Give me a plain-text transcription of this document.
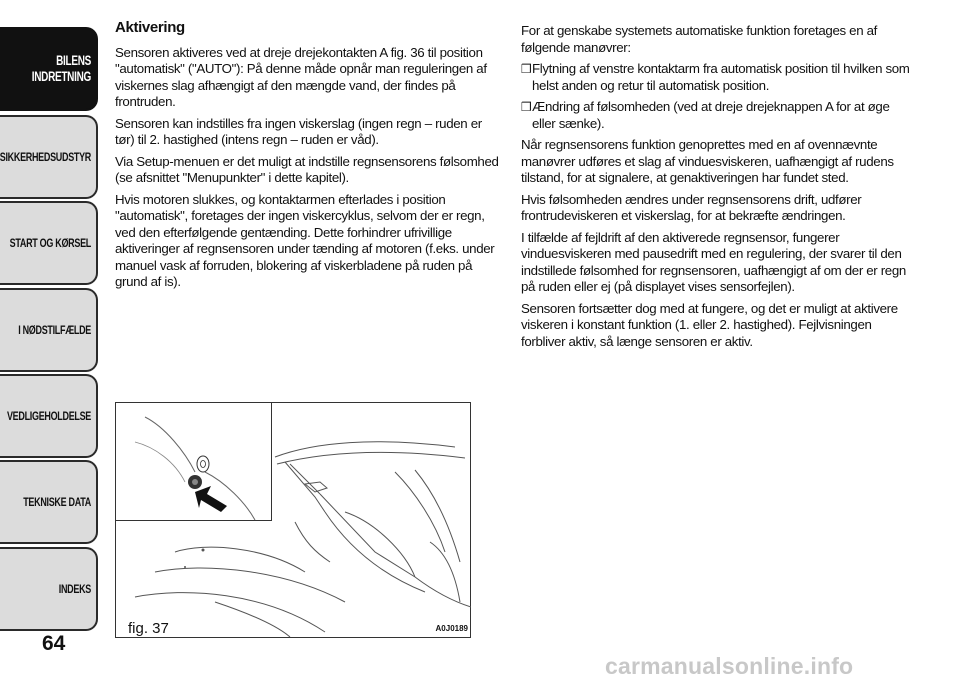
BILENS
INDRETNING
SIKKERHEDSUDSTYR
START OG KØRSEL
I NØDSTILFÆLDE
VEDLIGEHOLDELSE
TEKNISKE DATA
INDEKS
64

Aktivering

Sensoren aktiveres ved at dreje drejekontakten A fig. 36 til position "automatisk" ("AUTO"): På denne måde opnår man reguleringen af viskernes slag afhængigt af den mængde vand, der findes på frontruden.

Sensoren kan indstilles fra ingen viskerslag (ingen regn – ruden er tør) til 2. hastighed (intens regn – ruden er våd).

Via Setup-menuen er det muligt at indstille regnsensorens følsomhed (se afsnittet "Menupunkter" i dette kapitel).

Hvis motoren slukkes, og kontaktarmen efterlades i position "automatisk", foretages der ingen viskercyklus, selvom der er regn, ved den efterfølgende gentænding. Dette forhindrer ufrivillige aktiveringer af regnsensoren under tænding af motoren (f.eks. under manuel vask af forruden, blokering af viskerbladene på ruden på grund af is).

For at genskabe systemets automatiske funktion foretages en af følgende manøvrer:

❒ Flytning af venstre kontaktarm fra automatisk position til hvilken som helst anden og retur til automatisk position.
❒ Ændring af følsomheden (ved at dreje drejeknappen A for at øge eller sænke).

Når regnsensorens funktion genoprettes med en af ovennævnte manøvrer udføres et slag af vinduesviskeren, uafhængigt af rudens tilstand, for at signalere, at genaktiveringen har fundet sted.

Hvis følsomheden ændres under regnsensorens drift, udfører frontrudeviskeren et viskerslag, for at bekræfte ændringen.

I tilfælde af fejldrift af den aktiverede regnsensor, fungerer vinduesviskeren med pausedrift med en regulering, der svarer til den indstillede følsomhed for regnsensoren, uafhængigt af om der er regn på ruden eller ej (på displayet vises sensorfejlen).

Sensoren fortsætter dog med at fungere, og det er muligt at aktivere viskeren i konstant funktion (1. eller 2. hastighed). Fejlvisningen forbliver aktiv, så længe sensoren er aktiv.

fig. 37	A0J0189
carmanualsonline.info
